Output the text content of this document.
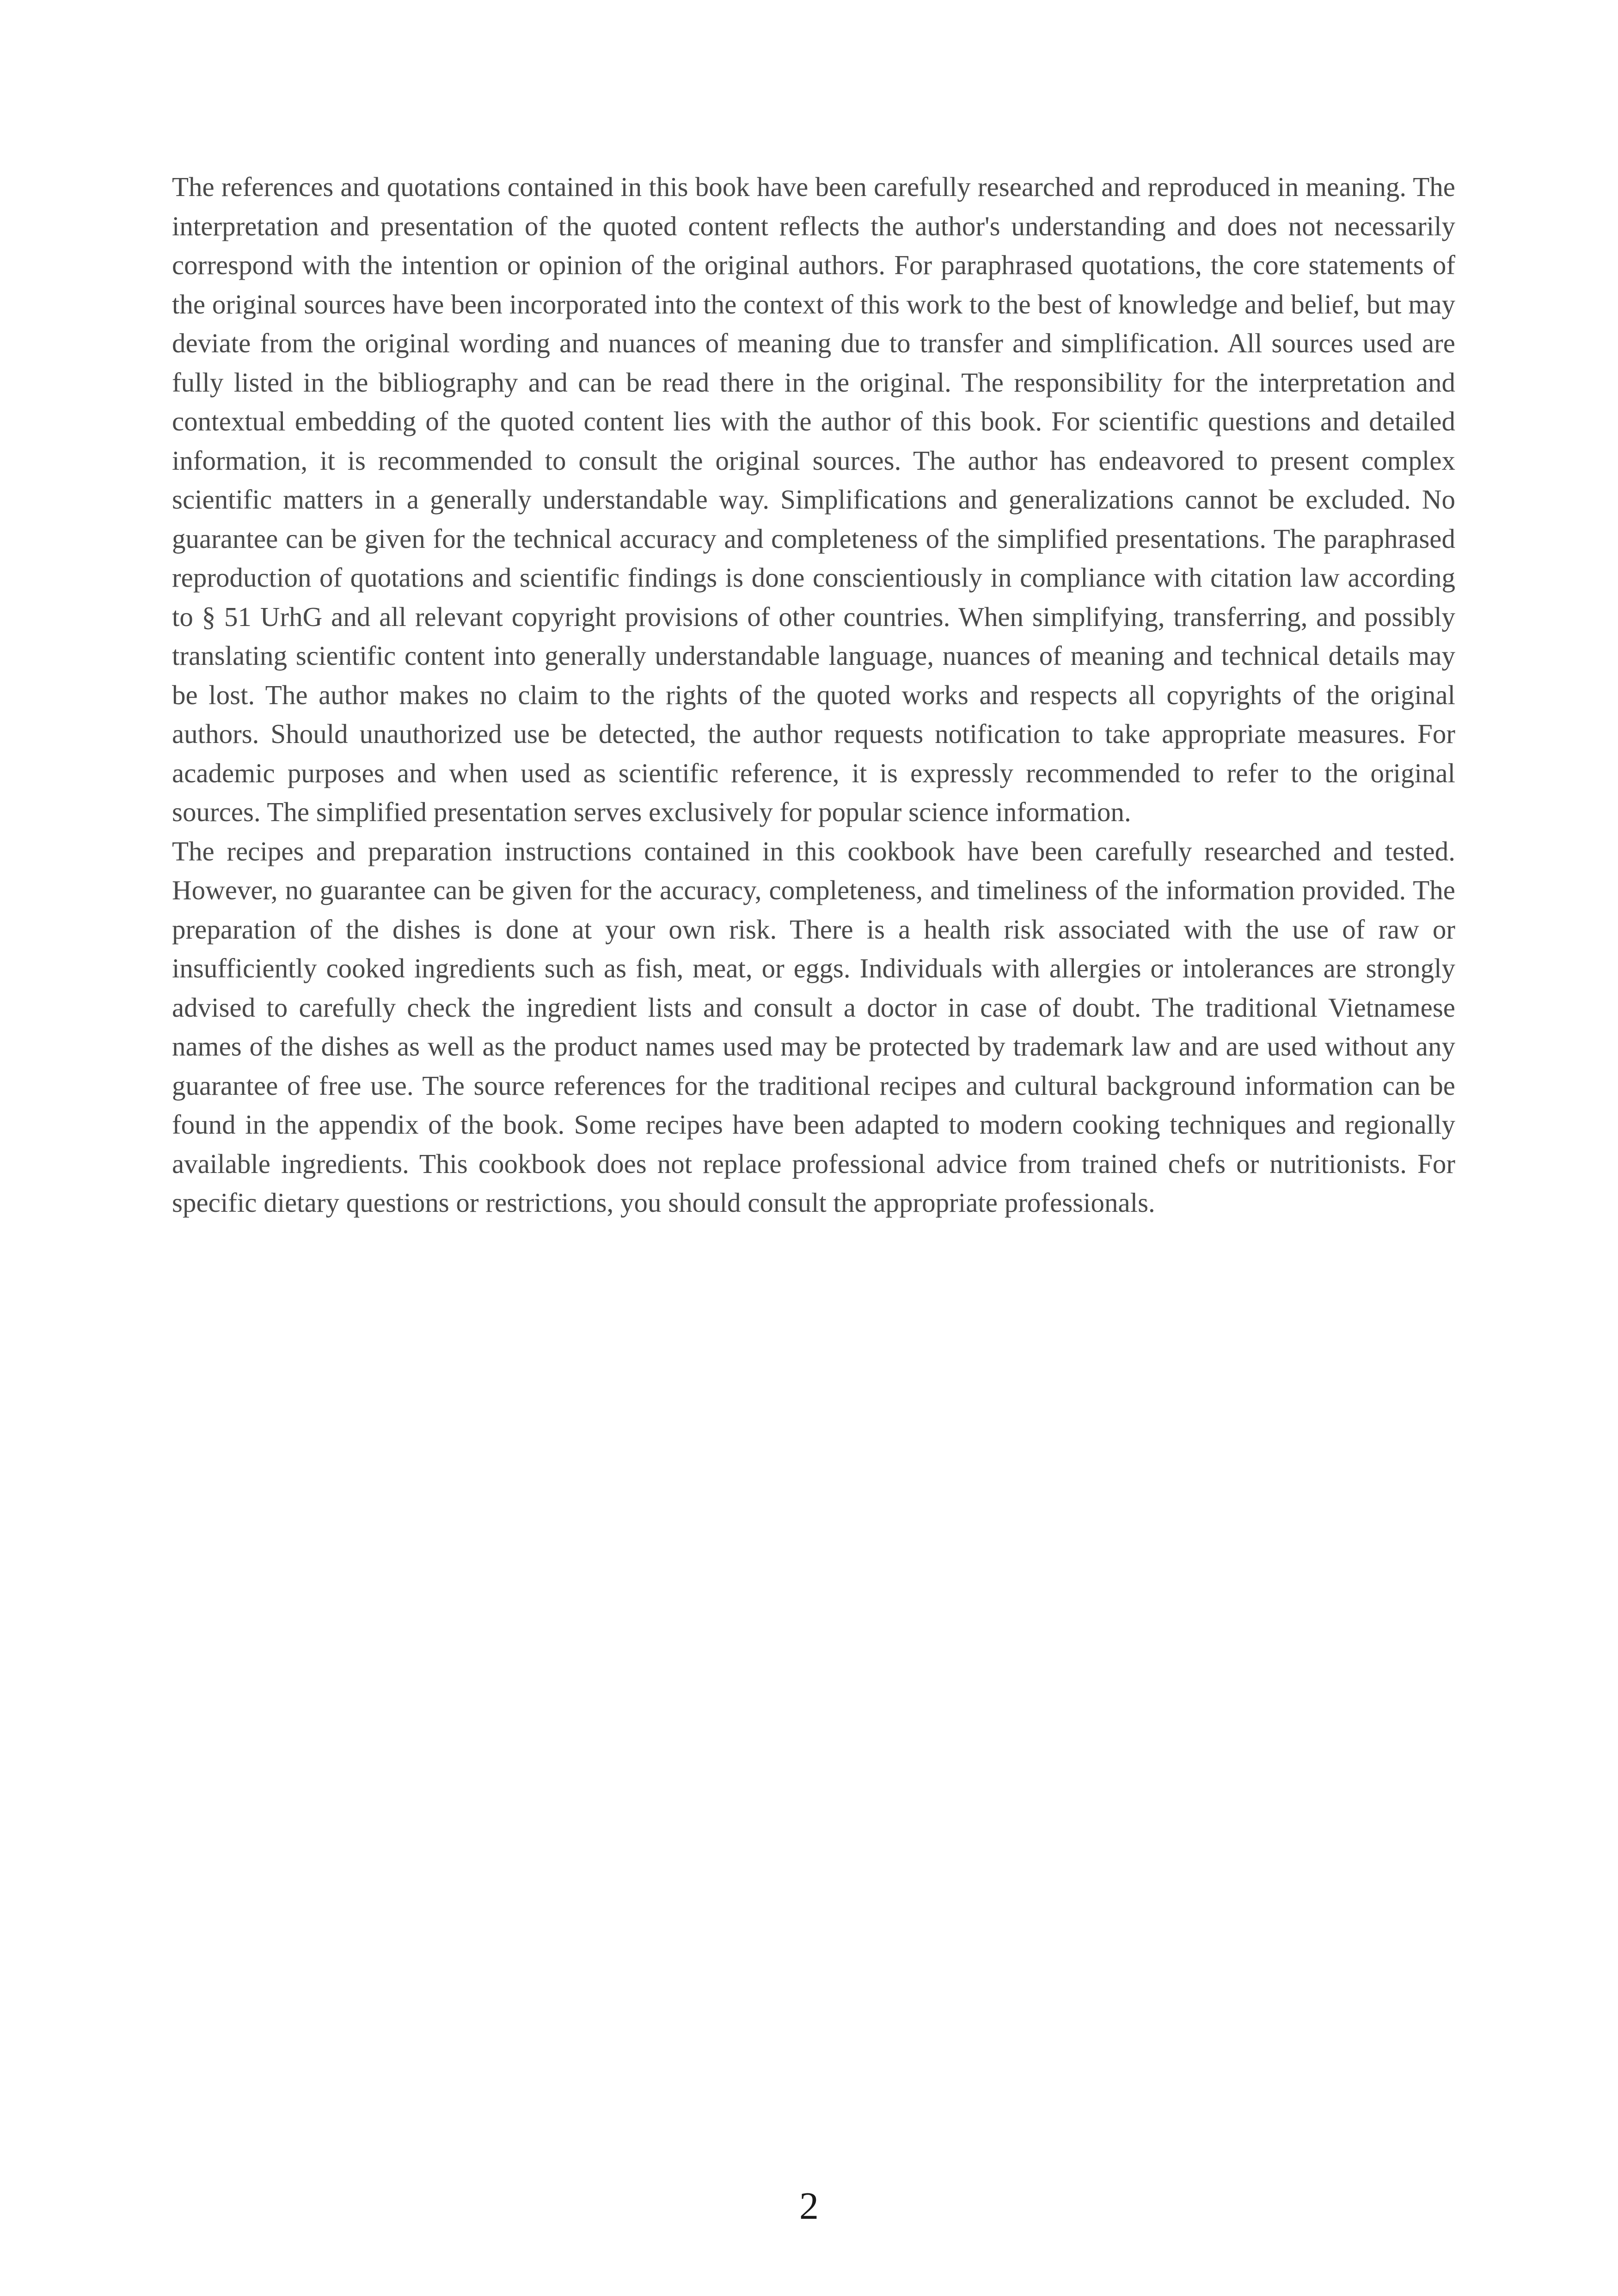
The references and quotations contained in this book have been carefully researched and reproduced in meaning. The interpretation and presentation of the quoted content reflects the author's understanding and does not necessarily correspond with the intention or opinion of the original authors. For paraphrased quotations, the core statements of the original sources have been incorporated into the context of this work to the best of knowledge and belief, but may deviate from the original wording and nuances of meaning due to transfer and simplification. All sources used are fully listed in the bibliography and can be read there in the original. The responsibility for the interpretation and contextual embedding of the quoted content lies with the author of this book. For scientific questions and detailed information, it is recommended to consult the original sources. The author has endeavored to present complex scientific matters in a generally understandable way. Simplifications and generalizations cannot be excluded. No guarantee can be given for the technical accuracy and completeness of the simplified presentations. The paraphrased reproduction of quotations and scientific findings is done conscientiously in compliance with citation law according to § 51 UrhG and all relevant copyright provisions of other countries. When simplifying, transferring, and possibly translating scientific content into generally understandable language, nuances of meaning and technical details may be lost. The author makes no claim to the rights of the quoted works and respects all copyrights of the original authors. Should unauthorized use be detected, the author requests notification to take appropriate measures. For academic purposes and when used as scientific reference, it is expressly recommended to refer to the original sources. The simplified presentation serves exclusively for popular science information.

The recipes and preparation instructions contained in this cookbook have been carefully researched and tested. However, no guarantee can be given for the accuracy, completeness, and timeliness of the information provided. The preparation of the dishes is done at your own risk. There is a health risk associated with the use of raw or insufficiently cooked ingredients such as fish, meat, or eggs. Individuals with allergies or intolerances are strongly advised to carefully check the ingredient lists and consult a doctor in case of doubt. The traditional Vietnamese names of the dishes as well as the product names used may be protected by trademark law and are used without any guarantee of free use. The source references for the traditional recipes and cultural background information can be found in the appendix of the book. Some recipes have been adapted to modern cooking techniques and regionally available ingredients. This cookbook does not replace professional advice from trained chefs or nutritionists. For specific dietary questions or restrictions, you should consult the appropriate professionals.

2
